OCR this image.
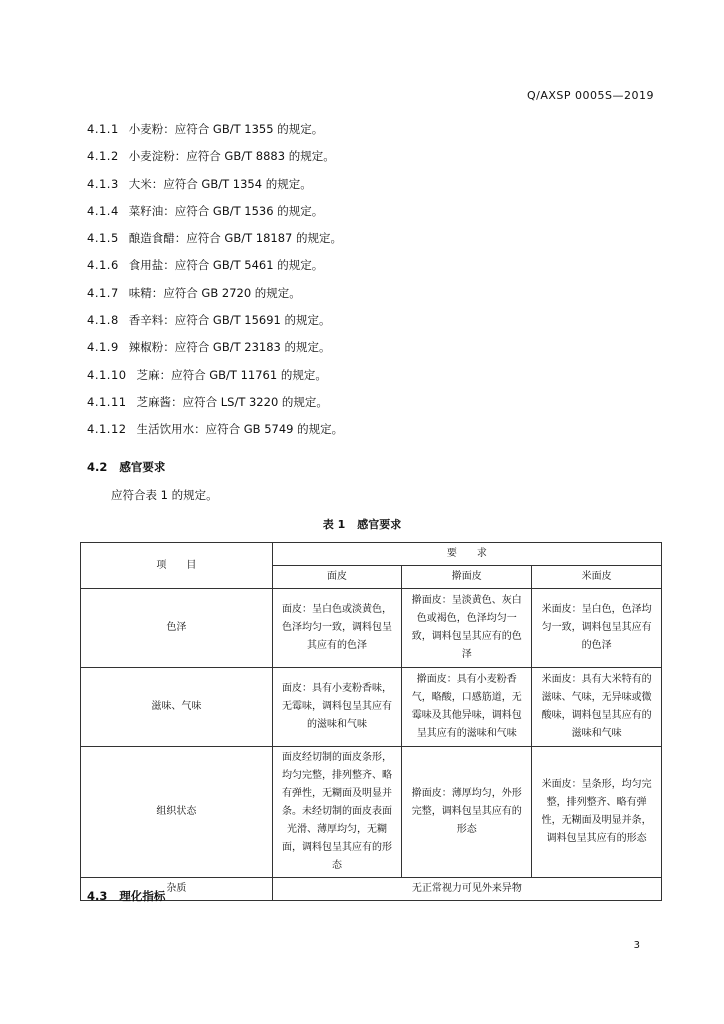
Q/AXSP 0005S—2019
4.1.1 小麦粉：应符合 GB/T 1355 的规定。
4.1.2 小麦淀粉：应符合 GB/T 8883 的规定。
4.1.3 大米：应符合 GB/T 1354 的规定。
4.1.4 菜籽油：应符合 GB/T 1536 的规定。
4.1.5 酿造食醋：应符合 GB/T 18187 的规定。
4.1.6 食用盐：应符合 GB/T 5461 的规定。
4.1.7 味精：应符合 GB 2720 的规定。
4.1.8 香辛料：应符合 GB/T 15691 的规定。
4.1.9 辣椒粉：应符合 GB/T 23183 的规定。
4.1.10 芝麻：应符合 GB/T 11761 的规定。
4.1.11 芝麻酱：应符合 LS/T 3220 的规定。
4.1.12 生活饮用水：应符合 GB 5749 的规定。
4.2 感官要求
应符合表 1 的规定。
表 1 感官要求
项　　目	要　　求		
	面皮	擀面皮	米面皮
色泽	面皮：呈白色或淡黄色，色泽均匀一致，调料包呈其应有的色泽	擀面皮：呈淡黄色、灰白色或褐色，色泽均匀一致，调料包呈其应有的色泽	米面皮：呈白色，色泽均匀一致，调料包呈其应有的色泽
滋味、气味	面皮：具有小麦粉香味，无霉味，调料包呈其应有的滋味和气味	擀面皮：具有小麦粉香气，略酸，口感筋道，无霉味及其他异味，调料包呈其应有的滋味和气味	米面皮：具有大米特有的滋味、气味，无异味或微酸味，调料包呈其应有的滋味和气味
组织状态	面皮经切制的面皮条形，均匀完整，排列整齐、略有弹性，无糊面及明显并条。未经切制的面皮表面光滑、薄厚均匀，无糊面，调料包呈其应有的形态	擀面皮：薄厚均匀，外形完整，调料包呈其应有的形态	米面皮：呈条形，均匀完整，排列整齐、略有弹性，无糊面及明显并条，调料包呈其应有的形态
杂质	无正常视力可见外来异物		
4.3 理化指标
3
